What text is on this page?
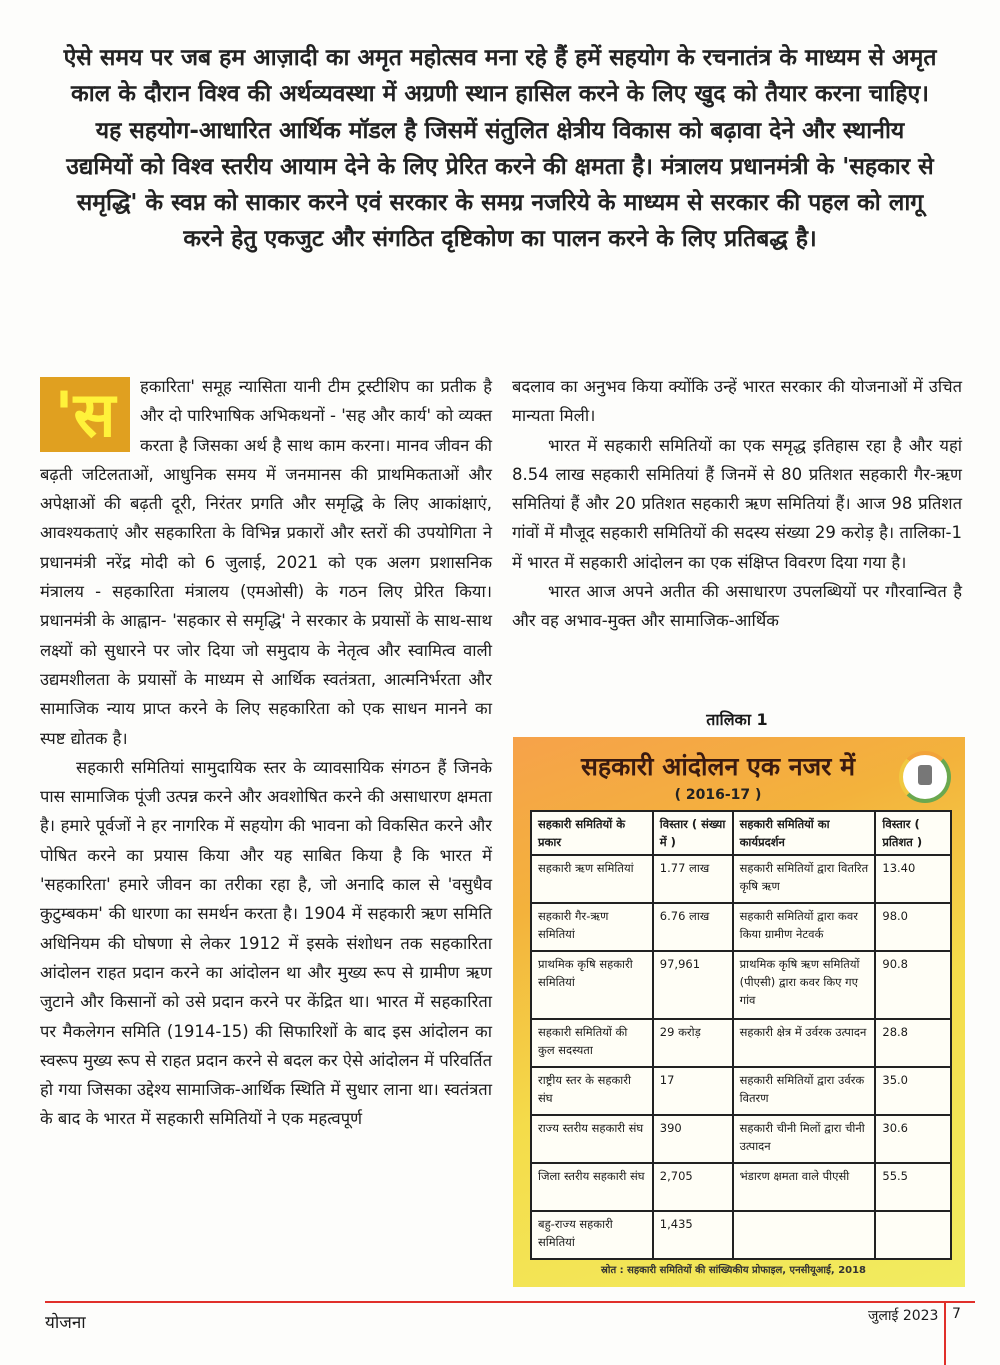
ऐसे समय पर जब हम आज़ादी का अमृत महोत्सव मना रहे हैं हमें सहयोग के रचनातंत्र के माध्यम से अमृत काल के दौरान विश्व की अर्थव्यवस्था में अग्रणी स्थान हासिल करने के लिए खुद को तैयार करना चाहिए। यह सहयोग-आधारित आर्थिक मॉडल है जिसमें संतुलित क्षेत्रीय विकास को बढ़ावा देने और स्थानीय उद्यमियों को विश्व स्तरीय आयाम देने के लिए प्रेरित करने की क्षमता है। मंत्रालय प्रधानमंत्री के 'सहकार से समृद्धि' के स्वप्न को साकार करने एवं सरकार के समग्र नजरिये के माध्यम से सरकार की पहल को लागू करने हेतु एकजुट और संगठित दृष्टिकोण का पालन करने के लिए प्रतिबद्ध है।
'स	हकारिता' समूह न्यासिता यानी टीम ट्रस्टीशिप का प्रतीक है और दो पारिभाषिक अभिकथनों - 'सह और कार्य' को व्यक्त करता है जिसका अर्थ है साथ काम करना। मानव जीवन की बढ़ती जटिलताओं, आधुनिक समय में जनमानस की प्राथमिकताओं और अपेक्षाओं की बढ़ती दूरी, निरंतर प्रगति और समृद्धि के लिए आकांक्षाएं, आवश्यकताएं और सहकारिता के विभिन्न प्रकारों और स्तरों की उपयोगिता ने प्रधानमंत्री नरेंद्र मोदी को 6 जुलाई, 2021 को एक अलग प्रशासनिक मंत्रालय - सहकारिता मंत्रालय (एमओसी) के गठन लिए प्रेरित किया। प्रधानमंत्री के आह्वान- 'सहकार से समृद्धि' ने सरकार के प्रयासों के साथ-साथ लक्ष्यों को सुधारने पर जोर दिया जो समुदाय के नेतृत्व और स्वामित्व वाली उद्यमशीलता के प्रयासों के माध्यम से आर्थिक स्वतंत्रता, आत्मनिर्भरता और सामाजिक न्याय प्राप्त करने के लिए सहकारिता को एक साधन मानने का स्पष्ट द्योतक है।

सहकारी समितियां सामुदायिक स्तर के व्यावसायिक संगठन हैं जिनके पास सामाजिक पूंजी उत्पन्न करने और अवशोषित करने की असाधारण क्षमता है। हमारे पूर्वजों ने हर नागरिक में सहयोग की भावना को विकसित करने और पोषित करने का प्रयास किया और यह साबित किया है कि भारत में 'सहकारिता' हमारे जीवन का तरीका रहा है, जो अनादि काल से 'वसुधैव कुटुम्बकम' की धारणा का समर्थन करता है। 1904 में सहकारी ऋण समिति अधिनियम की घोषणा से लेकर 1912 में इसके संशोधन तक सहकारिता आंदोलन राहत प्रदान करने का आंदोलन था और मुख्य रूप से ग्रामीण ऋण जुटाने और किसानों को उसे प्रदान करने पर केंद्रित था। भारत में सहकारिता पर मैकलेगन समिति (1914-15) की सिफारिशों के बाद इस आंदोलन का स्वरूप मुख्य रूप से राहत प्रदान करने से बदल कर ऐसे आंदोलन में परिवर्तित हो गया जिसका उद्देश्य सामाजिक-आर्थिक स्थिति में सुधार लाना था। स्वतंत्रता के बाद के भारत में सहकारी समितियों ने एक महत्वपूर्ण

बदलाव का अनुभव किया क्योंकि उन्हें भारत सरकार की योजनाओं में उचित मान्यता मिली।

भारत में सहकारी समितियों का एक समृद्ध इतिहास रहा है और यहां 8.54 लाख सहकारी समितियां हैं जिनमें से 80 प्रतिशत सहकारी गैर-ऋण समितियां हैं और 20 प्रतिशत सहकारी ऋण समितियां हैं। आज 98 प्रतिशत गांवों में मौजूद सहकारी समितियों की सदस्य संख्या 29 करोड़ है। तालिका-1 में भारत में सहकारी आंदोलन का एक संक्षिप्त विवरण दिया गया है।

भारत आज अपने अतीत की असाधारण उपलब्धियों पर गौरवान्वित है और वह अभाव-मुक्त और सामाजिक-आर्थिक

तालिका 1
सहकारी आंदोलन एक नजर में
( 2016-17 )
सहकारी समितियों के प्रकार	विस्तार ( संख्या में )	सहकारी समितियों का कार्यप्रदर्शन	विस्तार ( प्रतिशत )
सहकारी ऋण समितियां	1.77 लाख	सहकारी समितियों द्वारा वितरित कृषि ऋण	13.40
सहकारी गैर-ऋण समितियां	6.76 लाख	सहकारी समितियों द्वारा कवर किया ग्रामीण नेटवर्क	98.0
प्राथमिक कृषि सहकारी समितियां	97,961	प्राथमिक कृषि ऋण समितियों (पीएसी) द्वारा कवर किए गए गांव	90.8
सहकारी समितियों की कुल सदस्यता	29 करोड़	सहकारी क्षेत्र में उर्वरक उत्पादन	28.8
राष्ट्रीय स्तर के सहकारी संघ	17	सहकारी समितियों द्वारा उर्वरक वितरण	35.0
राज्य स्तरीय सहकारी संघ	390	सहकारी चीनी मिलों द्वारा चीनी उत्पादन	30.6
जिला स्तरीय सहकारी संघ	2,705	भंडारण क्षमता वाले पीएसी	55.5
बहु-राज्य सहकारी समितियां	1,435		
स्रोत : सहकारी समितियों की सांख्यिकीय प्रोफाइल, एनसीयूआई, 2018
योजना	जुलाई 2023 7
